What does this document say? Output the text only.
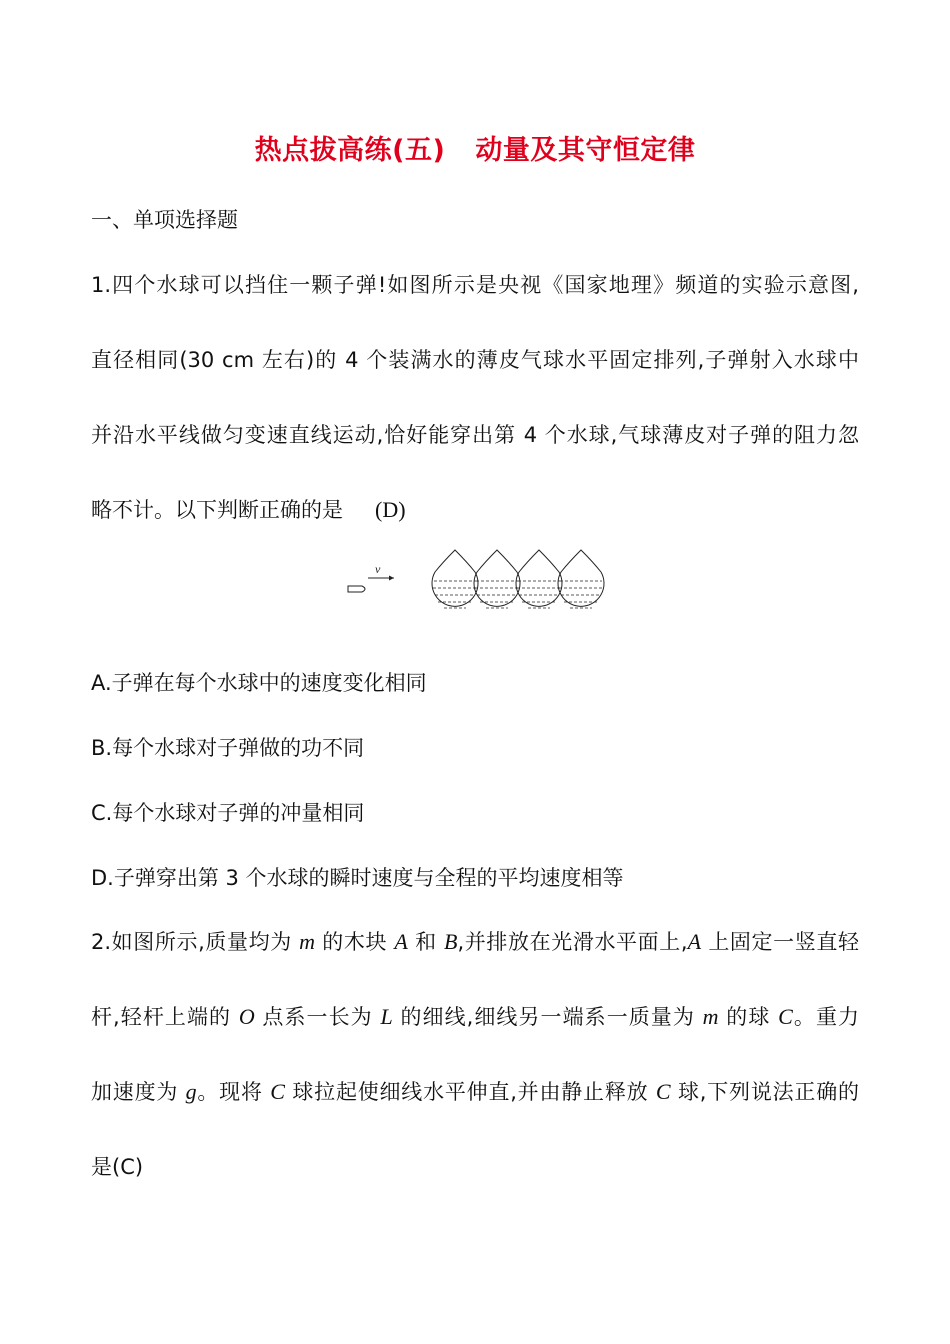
热点拔高练(五) 动量及其守恒定律
一、单项选择题
1.四个水球可以挡住一颗子弹!如图所示是央视《国家地理》频道的实验示意图,
直径相同(30 cm 左右)的 4 个装满水的薄皮气球水平固定排列,子弹射入水球中
并沿水平线做匀变速直线运动,恰好能穿出第 4 个水球,气球薄皮对子弹的阻力忽
略不计。以下判断正确的是 (D)
v
A.子弹在每个水球中的速度变化相同
B.每个水球对子弹做的功不同
C.每个水球对子弹的冲量相同
D.子弹穿出第 3 个水球的瞬时速度与全程的平均速度相等
2.如图所示,质量均为 m 的木块 A 和 B,并排放在光滑水平面上,A 上固定一竖直轻
杆,轻杆上端的 O 点系一长为 L 的细线,细线另一端系一质量为 m 的球 C。重力
加速度为 g。现将 C 球拉起使细线水平伸直,并由静止释放 C 球,下列说法正确的
是(C)
